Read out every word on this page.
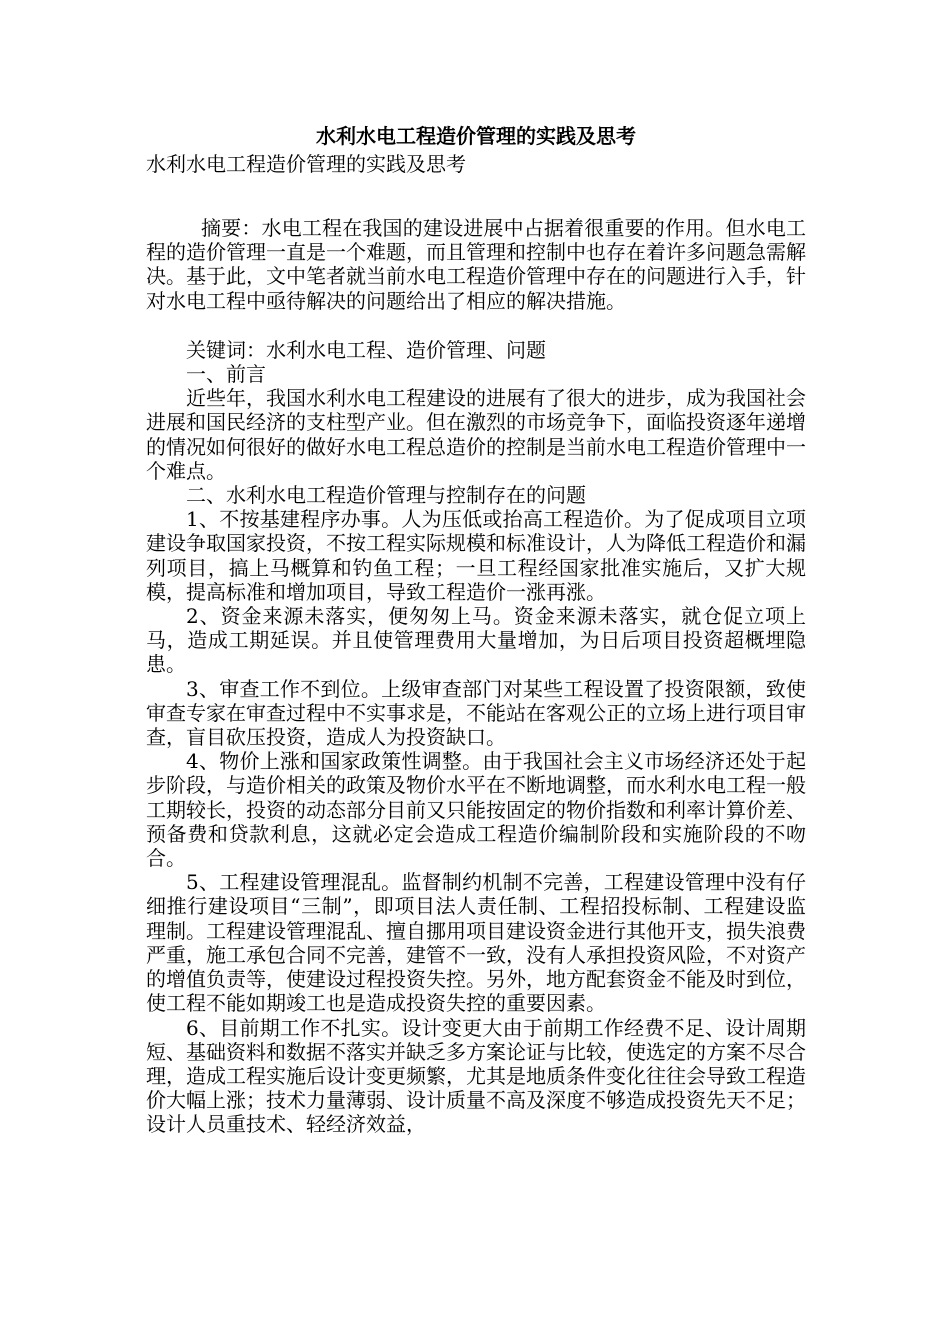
水利水电工程造价管理的实践及思考

水利水电工程造价管理的实践及思考

摘要：水电工程在我国的建设进展中占据着很重要的作用。但水电工程的造价管理一直是一个难题，而且管理和控制中也存在着许多问题急需解决。基于此，文中笔者就当前水电工程造价管理中存在的问题进行入手，针对水电工程中亟待解决的问题给出了相应的解决措施。

关键词：水利水电工程、造价管理、问题

一、前言

近些年，我国水利水电工程建设的进展有了很大的进步，成为我国社会进展和国民经济的支柱型产业。但在激烈的市场竞争下，面临投资逐年递增的情况如何很好的做好水电工程总造价的控制是当前水电工程造价管理中一个难点。

二、水利水电工程造价管理与控制存在的问题

1、不按基建程序办事。人为压低或抬高工程造价。为了促成项目立项建设争取国家投资，不按工程实际规模和标准设计，人为降低工程造价和漏列项目，搞上马概算和钓鱼工程；一旦工程经国家批准实施后，又扩大规模，提高标准和增加项目，导致工程造价一涨再涨。

2、资金来源未落实，便匆匆上马。资金来源未落实，就仓促立项上马，造成工期延误。并且使管理费用大量增加，为日后项目投资超概埋隐患。

3、审查工作不到位。上级审查部门对某些工程设置了投资限额，致使审查专家在审查过程中不实事求是，不能站在客观公正的立场上进行项目审查，盲目砍压投资，造成人为投资缺口。

4、物价上涨和国家政策性调整。由于我国社会主义市场经济还处于起步阶段，与造价相关的政策及物价水平在不断地调整，而水利水电工程一般工期较长，投资的动态部分目前又只能按固定的物价指数和利率计算价差、预备费和贷款利息，这就必定会造成工程造价编制阶段和实施阶段的不吻合。

5、工程建设管理混乱。监督制约机制不完善，工程建设管理中没有仔细推行建设项目“三制”，即项目法人责任制、工程招投标制、工程建设监理制。工程建设管理混乱、擅自挪用项目建设资金进行其他开支，损失浪费严重，施工承包合同不完善，建管不一致，没有人承担投资风险，不对资产的增值负责等，使建设过程投资失控。另外，地方配套资金不能及时到位，使工程不能如期竣工也是造成投资失控的重要因素。

6、目前期工作不扎实。设计变更大由于前期工作经费不足、设计周期短、基础资料和数据不落实并缺乏多方案论证与比较，使选定的方案不尽合理，造成工程实施后设计变更频繁，尤其是地质条件变化往往会导致工程造价大幅上涨；技术力量薄弱、设计质量不高及深度不够造成投资先天不足；设计人员重技术、轻经济效益，
